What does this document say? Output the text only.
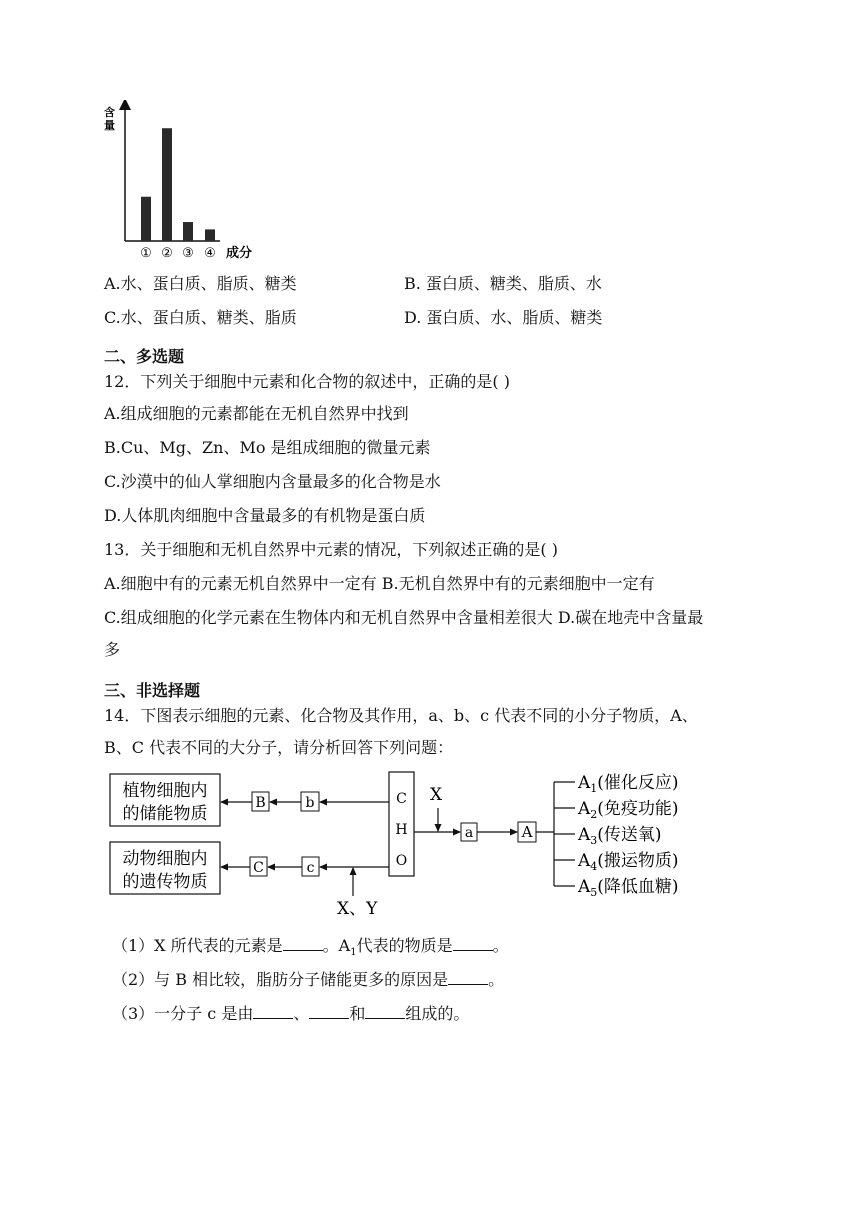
含
量
① ② ③ ④ 成分
A.水、蛋白质、脂质、糖类	B. 蛋白质、糖类、脂质、水
C.水、蛋白质、糖类、脂质	D. 蛋白质、水、脂质、糖类
二、多选题
12．下列关于细胞中元素和化合物的叙述中，正确的是( )
A.组成细胞的元素都能在无机自然界中找到
B.Cu、Mg、Zn、Mo 是组成细胞的微量元素
C.沙漠中的仙人掌细胞内含量最多的化合物是水
D.人体肌肉细胞中含量最多的有机物是蛋白质
13．关于细胞和无机自然界中元素的情况，下列叙述正确的是( )
A.细胞中有的元素无机自然界中一定有 B.无机自然界中有的元素细胞中一定有
C.组成细胞的化学元素在生物体内和无机自然界中含量相差很大 D.碳在地壳中含量最
多
三、非选择题
14．下图表示细胞的元素、化合物及其作用，a、b、c 代表不同的小分子物质，A、
B、C 代表不同的大分子，请分析回答下列问题：
植物细胞内
的储能物质
动物细胞内
的遗传物质
B	b
C	c
C
H
O
X、Y
X
a	A
$A_1$(催化反应)
$A_2$(免疫功能)
$A_3$(传送氧)
$A_4$(搬运物质)
$A_5$(降低血糖)
（1）X 所代表的元素是	。$A_1$代表的物质是	。
（2）与 B 相比较，脂肪分子储能更多的原因是	。
（3）一分子 c 是由	、	和	组成的。
